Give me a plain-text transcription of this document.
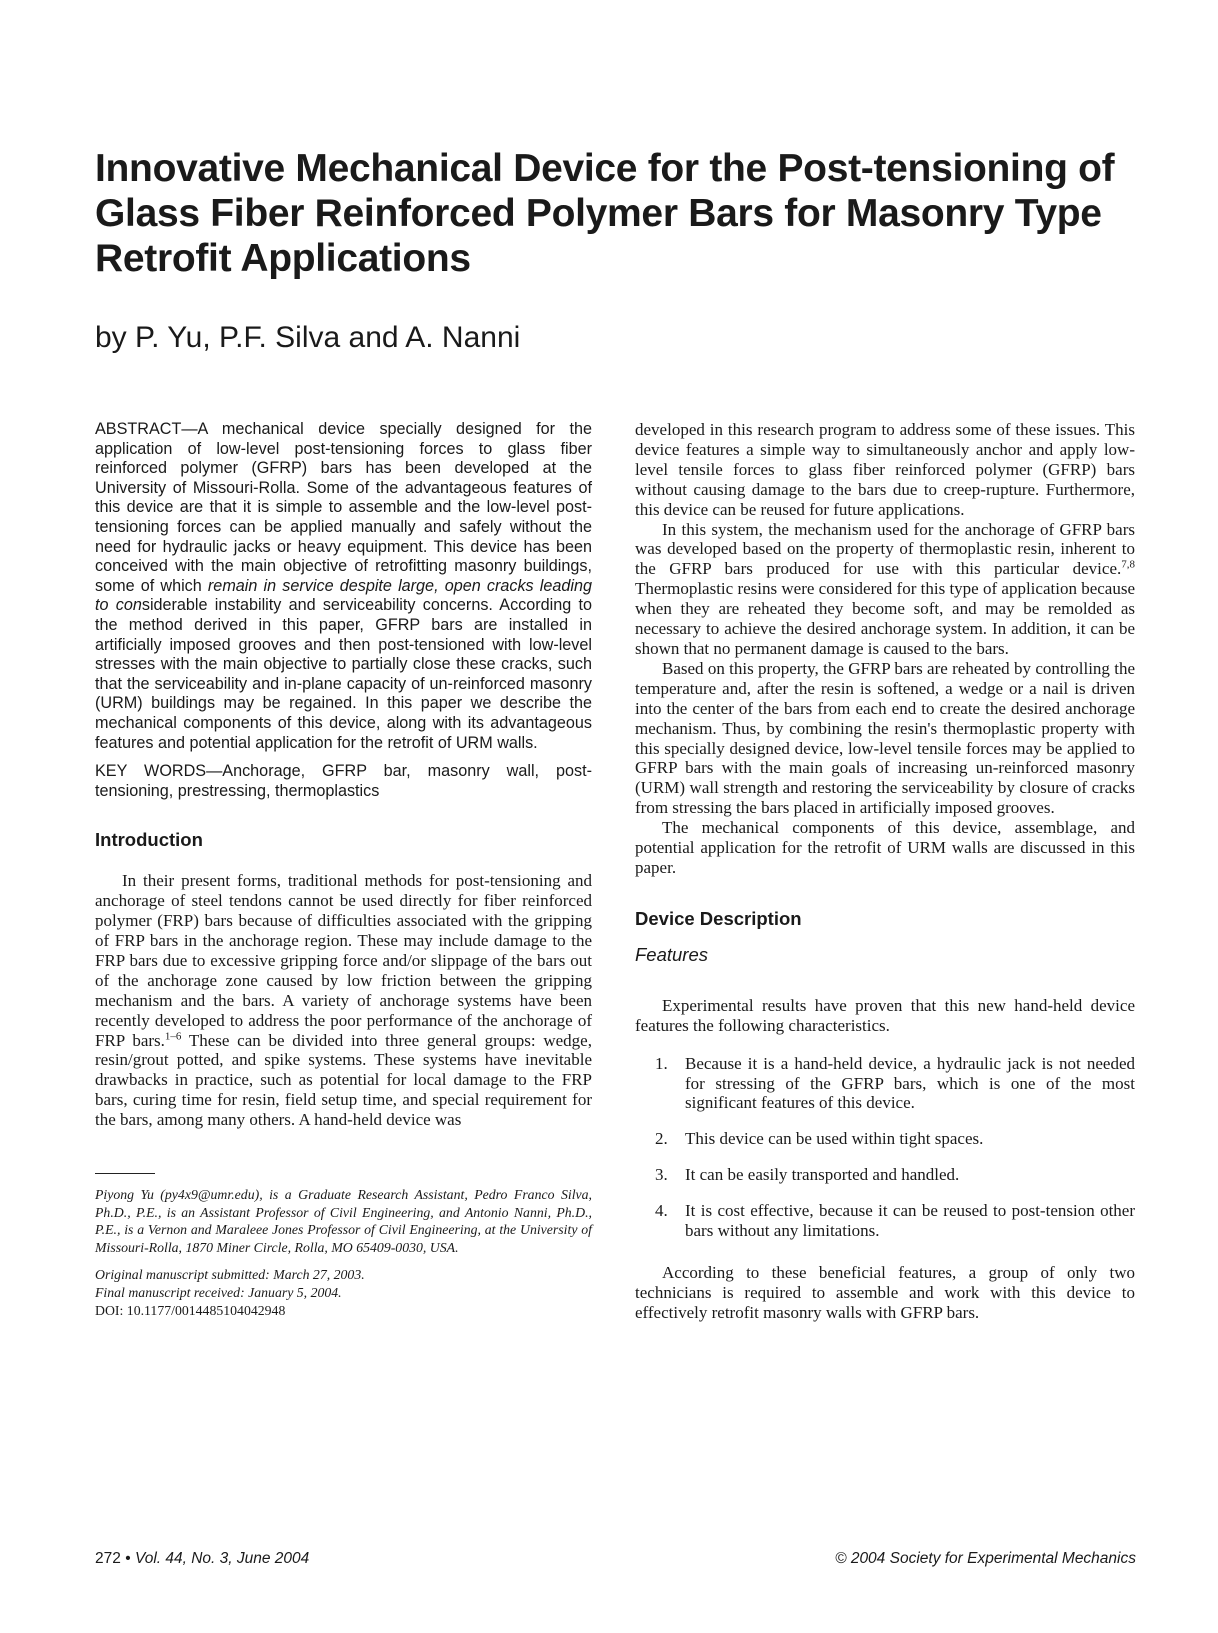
Innovative Mechanical Device for the Post-tensioning of Glass Fiber Reinforced Polymer Bars for Masonry Type Retrofit Applications
by P. Yu, P.F. Silva and A. Nanni

ABSTRACT—A mechanical device specially designed for the application of low-level post-tensioning forces to glass fiber reinforced polymer (GFRP) bars has been developed at the University of Missouri-Rolla. Some of the advantageous features of this device are that it is simple to assemble and the low-level post-tensioning forces can be applied manually and safely without the need for hydraulic jacks or heavy equipment. This device has been conceived with the main objective of retrofitting masonry buildings, some of which remain in service despite large, open cracks leading to considerable instability and serviceability concerns. According to the method derived in this paper, GFRP bars are installed in artificially imposed grooves and then post-tensioned with low-level stresses with the main objective to partially close these cracks, such that the serviceability and in-plane capacity of un-reinforced masonry (URM) buildings may be regained. In this paper we describe the mechanical components of this device, along with its advantageous features and potential application for the retrofit of URM walls.

KEY WORDS—Anchorage, GFRP bar, masonry wall, post-tensioning, prestressing, thermoplastics

Introduction

In their present forms, traditional methods for post-tensioning and anchorage of steel tendons cannot be used directly for fiber reinforced polymer (FRP) bars because of difficulties associated with the gripping of FRP bars in the anchorage region. These may include damage to the FRP bars due to excessive gripping force and/or slippage of the bars out of the anchorage zone caused by low friction between the gripping mechanism and the bars. A variety of anchorage systems have been recently developed to address the poor performance of the anchorage of FRP bars.$^{1-6}$ These can be divided into three general groups: wedge, resin/grout potted, and spike systems. These systems have inevitable drawbacks in practice, such as potential for local damage to the FRP bars, curing time for resin, field setup time, and special requirement for the bars, among many others. A hand-held device was

Piyong Yu (py4x9@umr.edu), is a Graduate Research Assistant, Pedro Franco Silva, Ph.D., P.E., is an Assistant Professor of Civil Engineering, and Antonio Nanni, Ph.D., P.E., is a Vernon and Maraleee Jones Professor of Civil Engineering, at the University of Missouri-Rolla, 1870 Miner Circle, Rolla, MO 65409-0030, USA.

Original manuscript submitted: March 27, 2003.
Final manuscript received: January 5, 2004.
DOI: 10.1177/0014485104042948

developed in this research program to address some of these issues. This device features a simple way to simultaneously anchor and apply low-level tensile forces to glass fiber reinforced polymer (GFRP) bars without causing damage to the bars due to creep-rupture. Furthermore, this device can be reused for future applications.

In this system, the mechanism used for the anchorage of GFRP bars was developed based on the property of thermoplastic resin, inherent to the GFRP bars produced for use with this particular device.$^{7,8}$ Thermoplastic resins were considered for this type of application because when they are reheated they become soft, and may be remolded as necessary to achieve the desired anchorage system. In addition, it can be shown that no permanent damage is caused to the bars.

Based on this property, the GFRP bars are reheated by controlling the temperature and, after the resin is softened, a wedge or a nail is driven into the center of the bars from each end to create the desired anchorage mechanism. Thus, by combining the resin's thermoplastic property with this specially designed device, low-level tensile forces may be applied to GFRP bars with the main goals of increasing un-reinforced masonry (URM) wall strength and restoring the serviceability by closure of cracks from stressing the bars placed in artificially imposed grooves.

The mechanical components of this device, assemblage, and potential application for the retrofit of URM walls are discussed in this paper.

Device Description
Features

Experimental results have proven that this new hand-held device features the following characteristics.

1. Because it is a hand-held device, a hydraulic jack is not needed for stressing of the GFRP bars, which is one of the most significant features of this device.
2. This device can be used within tight spaces.
3. It can be easily transported and handled.
4. It is cost effective, because it can be reused to post-tension other bars without any limitations.

According to these beneficial features, a group of only two technicians is required to assemble and work with this device to effectively retrofit masonry walls with GFRP bars.

272 • Vol. 44, No. 3, June 2004	© 2004 Society for Experimental Mechanics
